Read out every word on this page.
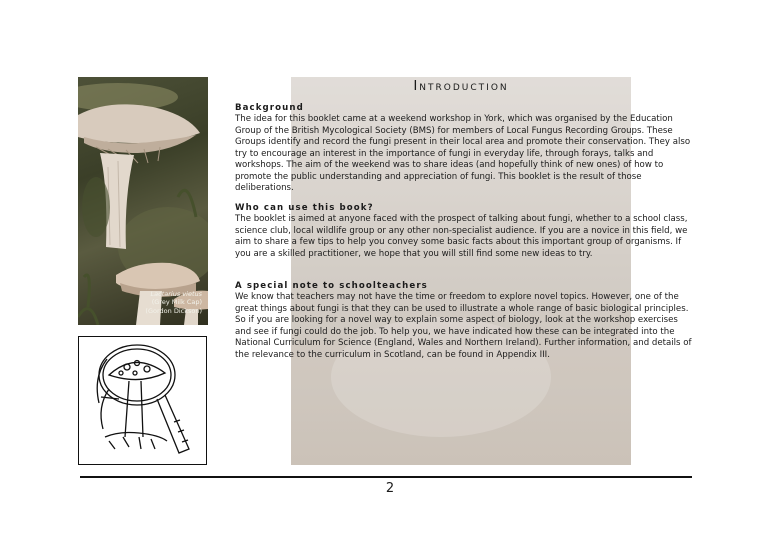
Lactarius vietus
(Grey Milk Cap)
(Gordon Dickson)
Introduction
Background
The idea for this booklet came at a weekend workshop in York, which was organised by the Education Group of the British Mycological Society (BMS) for members of Local Fungus Recording Groups. These Groups identify and record the fungi present in their local area and promote their conservation. They also try to encourage an interest in the importance of fungi in everyday life, through forays, talks and workshops. The aim of the weekend was to share ideas (and hopefully think of new ones) of how to promote the public understanding and appreciation of fungi. This booklet is the result of those deliberations.
Who can use this book?
The booklet is aimed at anyone faced with the prospect of talking about fungi, whether to a school class, science club, local wildlife group or any other non-specialist audience. If you are a novice in this field, we aim to share a few tips to help you convey some basic facts about this important group of organisms. If you are a skilled practitioner, we hope that you will still find some new ideas to try.
A special note to schoolteachers
We know that teachers may not have the time or freedom to explore novel topics. However, one of the great things about fungi is that they can be used to illustrate a whole range of basic biological principles. So if you are looking for a novel way to explain some aspect of biology, look at the workshop exercises and see if fungi could do the job. To help you, we have indicated how these can be integrated into the National Curriculum for Science (England, Wales and Northern Ireland). Further information, and details of the relevance to the curriculum in Scotland, can be found in Appendix III.
2
